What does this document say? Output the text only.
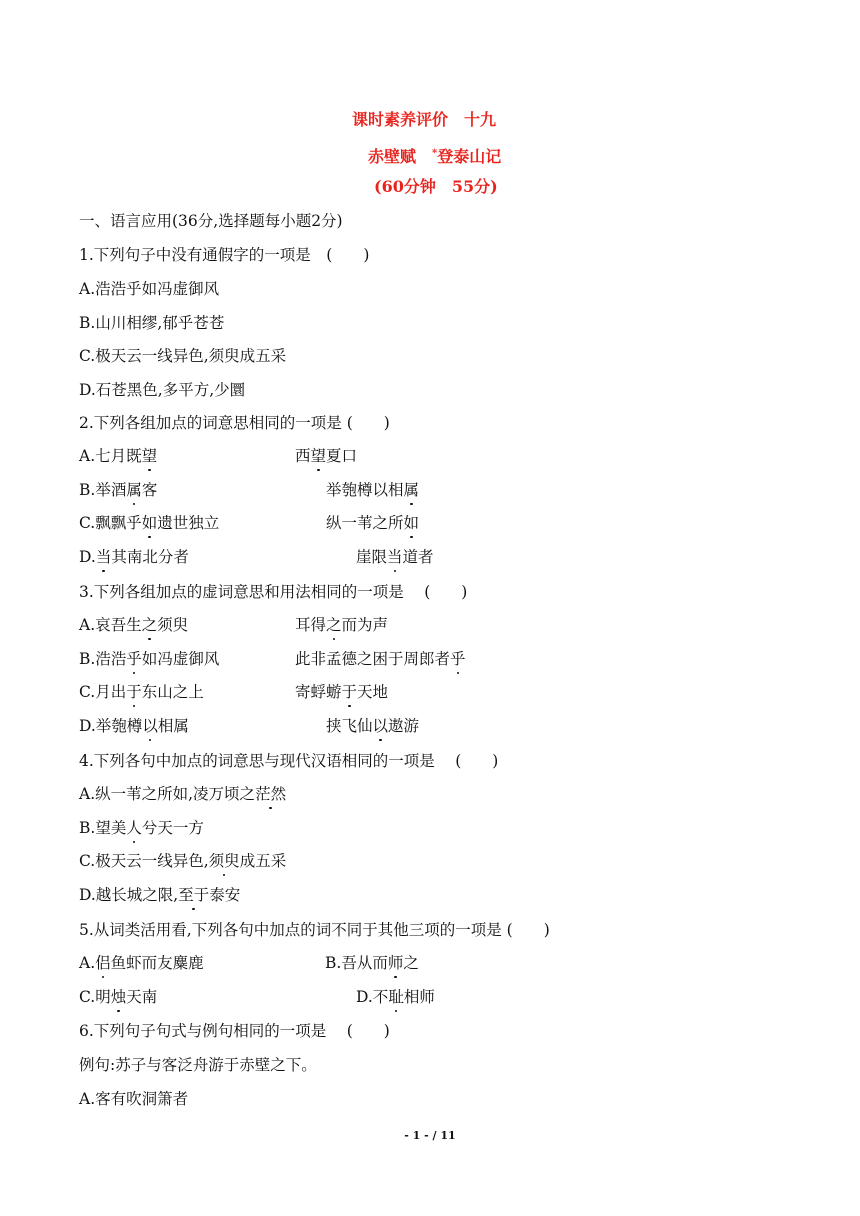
课时素养评价　十九
赤壁赋　*登泰山记
(60分钟　55分)
一、语言应用(36分,选择题每小题2分)
1.下列句子中没有通假字的一项是　(　　)
A.浩浩乎如冯虚御风
B.山川相缪,郁乎苍苍
C.极天云一线异色,须臾成五采
D.石苍黑色,多平方,少圜
2.下列各组加点的词意思相同的一项是 (　　)
A.七月既望	西望夏口
B.举酒属客	举匏樽以相属
C.飘飘乎如遗世独立	纵一苇之所如
D.当其南北分者	崖限当道者
3.下列各组加点的虚词意思和用法相同的一项是　 (　　)
A.哀吾生之须臾	耳得之而为声
B.浩浩乎如冯虚御风	此非孟德之困于周郎者乎
C.月出于东山之上	寄蜉蝣于天地
D.举匏樽以相属	挟飞仙以遨游
4.下列各句中加点的词意思与现代汉语相同的一项是　 (　　)
A.纵一苇之所如,凌万顷之茫然
B.望美人兮天一方
C.极天云一线异色,须臾成五采
D.越长城之限,至于泰安
5.从词类活用看,下列各句中加点的词不同于其他三项的一项是 (　　)
A.侣鱼虾而友麋鹿	B.吾从而师之
C.明烛天南	D.不耻相师
6.下列句子句式与例句相同的一项是　 (　　)
例句:苏子与客泛舟游于赤壁之下。
A.客有吹洞箫者
- 1 - / 11
